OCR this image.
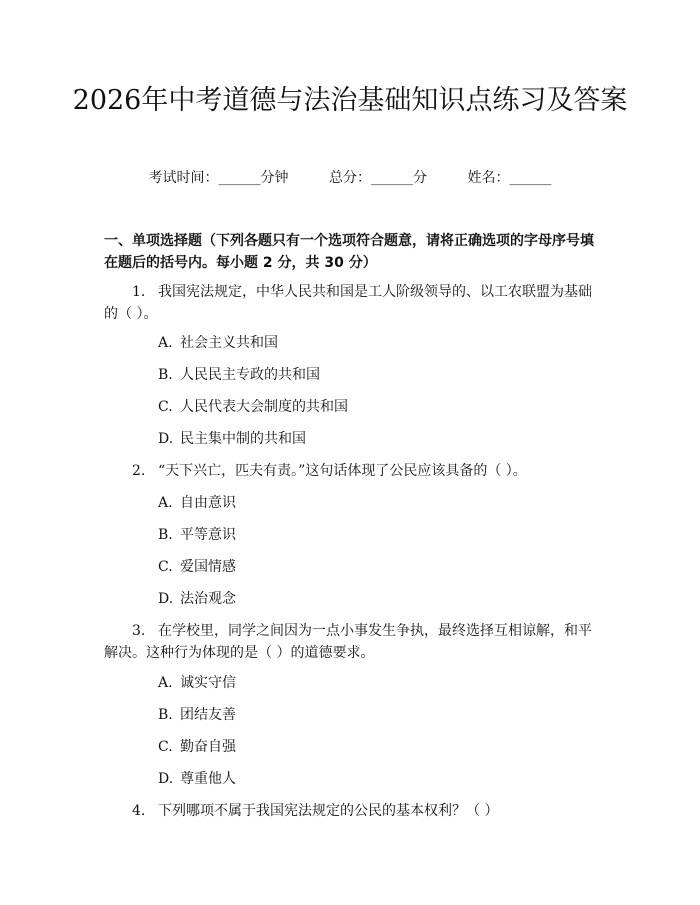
2026年中考道德与法治基础知识点练习及答案
考试时间：______分钟	总分：______分	姓名：______
一、单项选择题（下列各题只有一个选项符合题意，请将正确选项的字母序号填在题后的括号内。每小题 2 分，共 30 分）
1. 我国宪法规定，中华人民共和国是工人阶级领导的、以工农联盟为基础的（ ）。
A. 社会主义共和国
B. 人民民主专政的共和国
C. 人民代表大会制度的共和国
D. 民主集中制的共和国
2. “天下兴亡，匹夫有责。”这句话体现了公民应该具备的（ ）。
A. 自由意识
B. 平等意识
C. 爱国情感
D. 法治观念
3. 在学校里，同学之间因为一点小事发生争执，最终选择互相谅解，和平解决。这种行为体现的是（ ）的道德要求。
A. 诚实守信
B. 团结友善
C. 勤奋自强
D. 尊重他人
4. 下列哪项不属于我国宪法规定的公民的基本权利？（ ）
